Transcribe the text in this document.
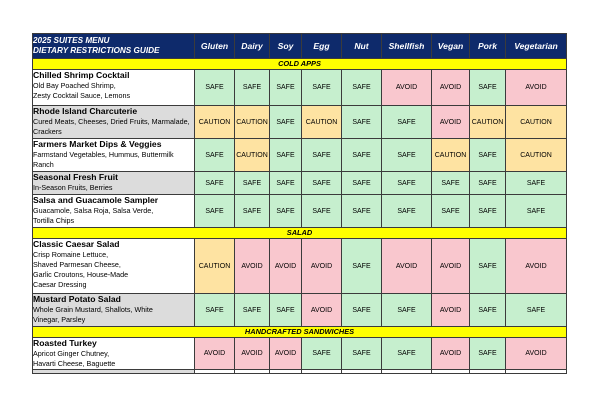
2025 SUITES MENU
DIETARY RESTRICTIONS GUIDE	Gluten	Dairy	Soy	Egg	Nut	Shellfish	Vegan	Pork	Vegetarian
COLD APPS									

Chilled Shrimp Cocktail
Old Bay Poached Shrimp,
Zesty Cocktail Sauce, Lemons	SAFE	SAFE	SAFE	SAFE	SAFE	AVOID	AVOID	SAFE	AVOID

Rhode Island Charcuterie
Cured Meats, Cheeses, Dried Fruits, Marmalade,
Crackers	CAUTION	CAUTION	SAFE	CAUTION	SAFE	SAFE	AVOID	CAUTION	CAUTION

Farmers Market Dips & Veggies
Farmstand Vegetables, Hummus, Buttermilk
Ranch	SAFE	CAUTION	SAFE	SAFE	SAFE	SAFE	CAUTION	SAFE	CAUTION

Seasonal Fresh Fruit
In-Season Fruits, Berries	SAFE	SAFE	SAFE	SAFE	SAFE	SAFE	SAFE	SAFE	SAFE

Salsa and Guacamole Sampler
Guacamole, Salsa Roja, Salsa Verde,
Tortilla Chips	SAFE	SAFE	SAFE	SAFE	SAFE	SAFE	SAFE	SAFE	SAFE
SALAD									

Classic Caesar Salad
Crisp Romaine Lettuce,
Shaved Parmesan Cheese,
Garlic Croutons, House-Made
Caesar Dressing	CAUTION	AVOID	AVOID	AVOID	SAFE	AVOID	AVOID	SAFE	AVOID

Mustard Potato Salad
Whole Grain Mustard, Shallots, White
Vinegar, Parsley	SAFE	SAFE	SAFE	AVOID	SAFE	SAFE	AVOID	SAFE	SAFE
HANDCRAFTED SANDWICHES									

Roasted Turkey
Apricot Ginger Chutney,
Havarti Cheese, Baguette	AVOID	AVOID	AVOID	SAFE	SAFE	SAFE	AVOID	SAFE	AVOID
